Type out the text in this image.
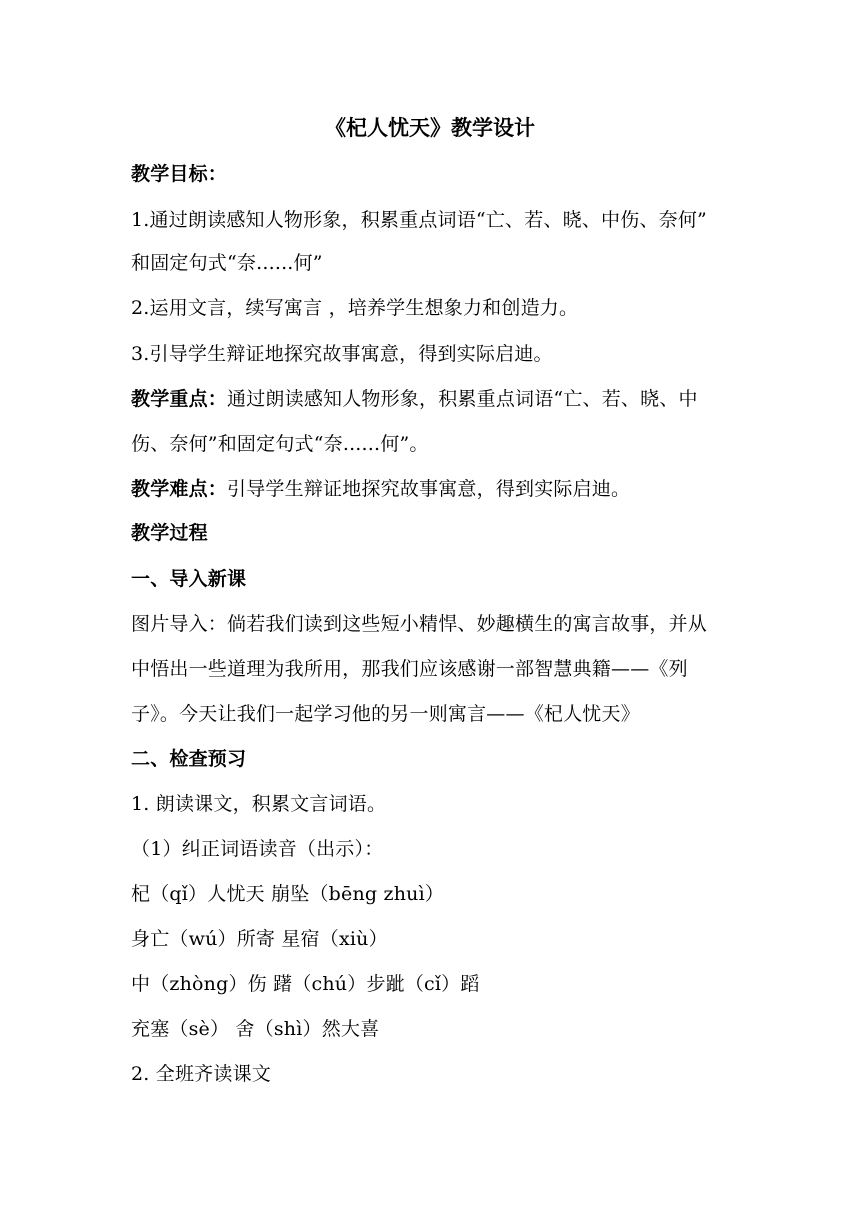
《杞人忧天》教学设计
教学目标：
1.通过朗读感知人物形象，积累重点词语“亡、若、晓、中伤、奈何”
和固定句式“奈......何”
2.运用文言，续写寓言 ，培养学生想象力和创造力。
3.引导学生辩证地探究故事寓意，得到实际启迪。
教学重点：通过朗读感知人物形象，积累重点词语“亡、若、晓、中
伤、奈何”和固定句式“奈......何”。
教学难点：引导学生辩证地探究故事寓意，得到实际启迪。
教学过程
一、导入新课
图片导入：倘若我们读到这些短小精悍、妙趣横生的寓言故事，并从
中悟出一些道理为我所用，那我们应该感谢一部智慧典籍——《列
子》。今天让我们一起学习他的另一则寓言——《杞人忧天》
二、检查预习
1. 朗读课文，积累文言词语。
（1）纠正词语读音（出示）：
杞（qǐ）人忧天 崩坠（bēng zhuì）
身亡（wú）所寄 星宿（xiù）
中（zhòng）伤 躇（chú）步跐（cǐ）蹈
充塞（sè） 舍（shì）然大喜
2. 全班齐读课文
